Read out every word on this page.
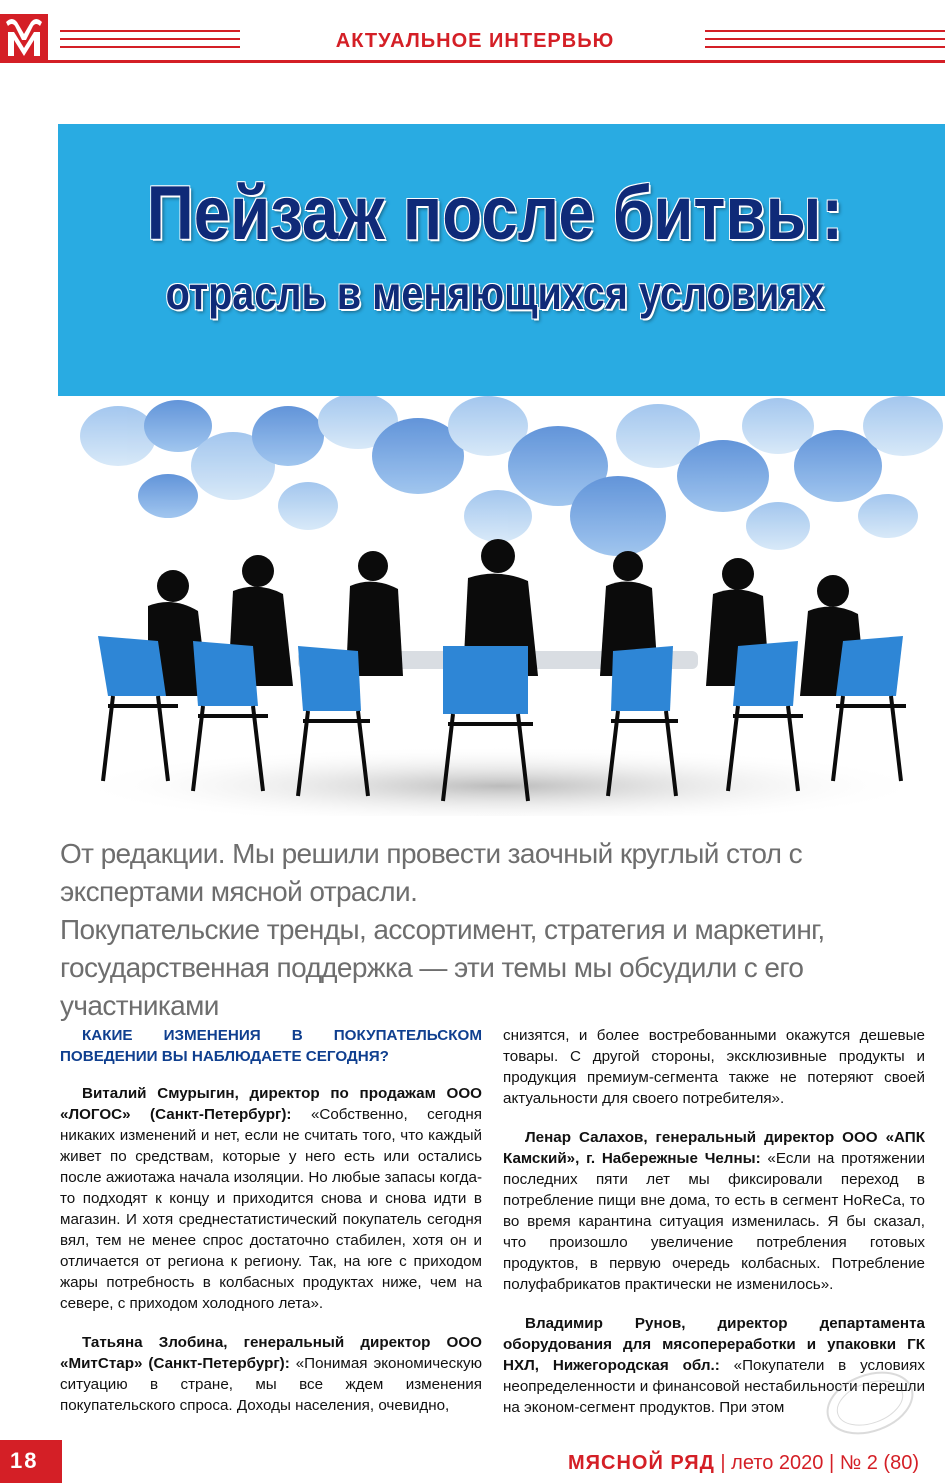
АКТУАЛЬНОЕ ИНТЕРВЬЮ
Пейзаж после битвы:
отрасль в меняющихся условиях

От редакции. Мы решили провести заочный круглый стол с экспертами мясной отрасли.

Покупательские тренды, ассортимент, стратегия и маркетинг, государственная поддержка — эти темы мы обсудили с его участниками

КАКИЕ ИЗМЕНЕНИЯ В ПОКУПАТЕЛЬСКОМ ПОВЕДЕНИИ ВЫ НАБЛЮДАЕТЕ СЕГОДНЯ?

Виталий Смурыгин, директор по продажам ООО «ЛОГОС» (Санкт-Петербург): «Собственно, сегодня никаких изменений и нет, если не считать того, что каждый живет по средствам, которые у него есть или остались после ажиотажа начала изоляции. Но любые запасы когда-то подходят к концу и приходится снова и снова идти в магазин. И хотя среднестатистический покупатель сегодня вял, тем не менее спрос достаточно стабилен, хотя он и отличается от региона к региону. Так, на юге с приходом жары потребность в колбасных продуктах ниже, чем на севере, с приходом холодного лета».

Татьяна Злобина, генеральный директор ООО «МитСтар» (Санкт-Петербург): «Понимая экономическую ситуацию в стране, мы все ждем изменения покупательского спроса. Доходы населения, очевидно,

снизятся, и более востребованными окажутся дешевые товары. С другой стороны, эксклюзивные продукты и продукция премиум-сегмента также не потеряют своей актуальности для своего потребителя».

Ленар Салахов, генеральный директор ООО «АПК Камский», г. Набережные Челны: «Если на протяжении последних пяти лет мы фиксировали переход в потребление пищи вне дома, то есть в сегмент HoReCa, то во время карантина ситуация изменилась. Я бы сказал, что произошло увеличение потребления готовых продуктов, в первую очередь колбасных. Потребление полуфабрикатов практически не изменилось».

Владимир Рунов, директор департамента оборудования для мясопереработки и упаковки ГК НХЛ, Нижегородская обл.: «Покупатели в условиях неопределенности и финансовой нестабильности перешли на эконом-сегмент продуктов. При этом

18	МЯСНОЙ РЯД | лето 2020 | № 2 (80)
